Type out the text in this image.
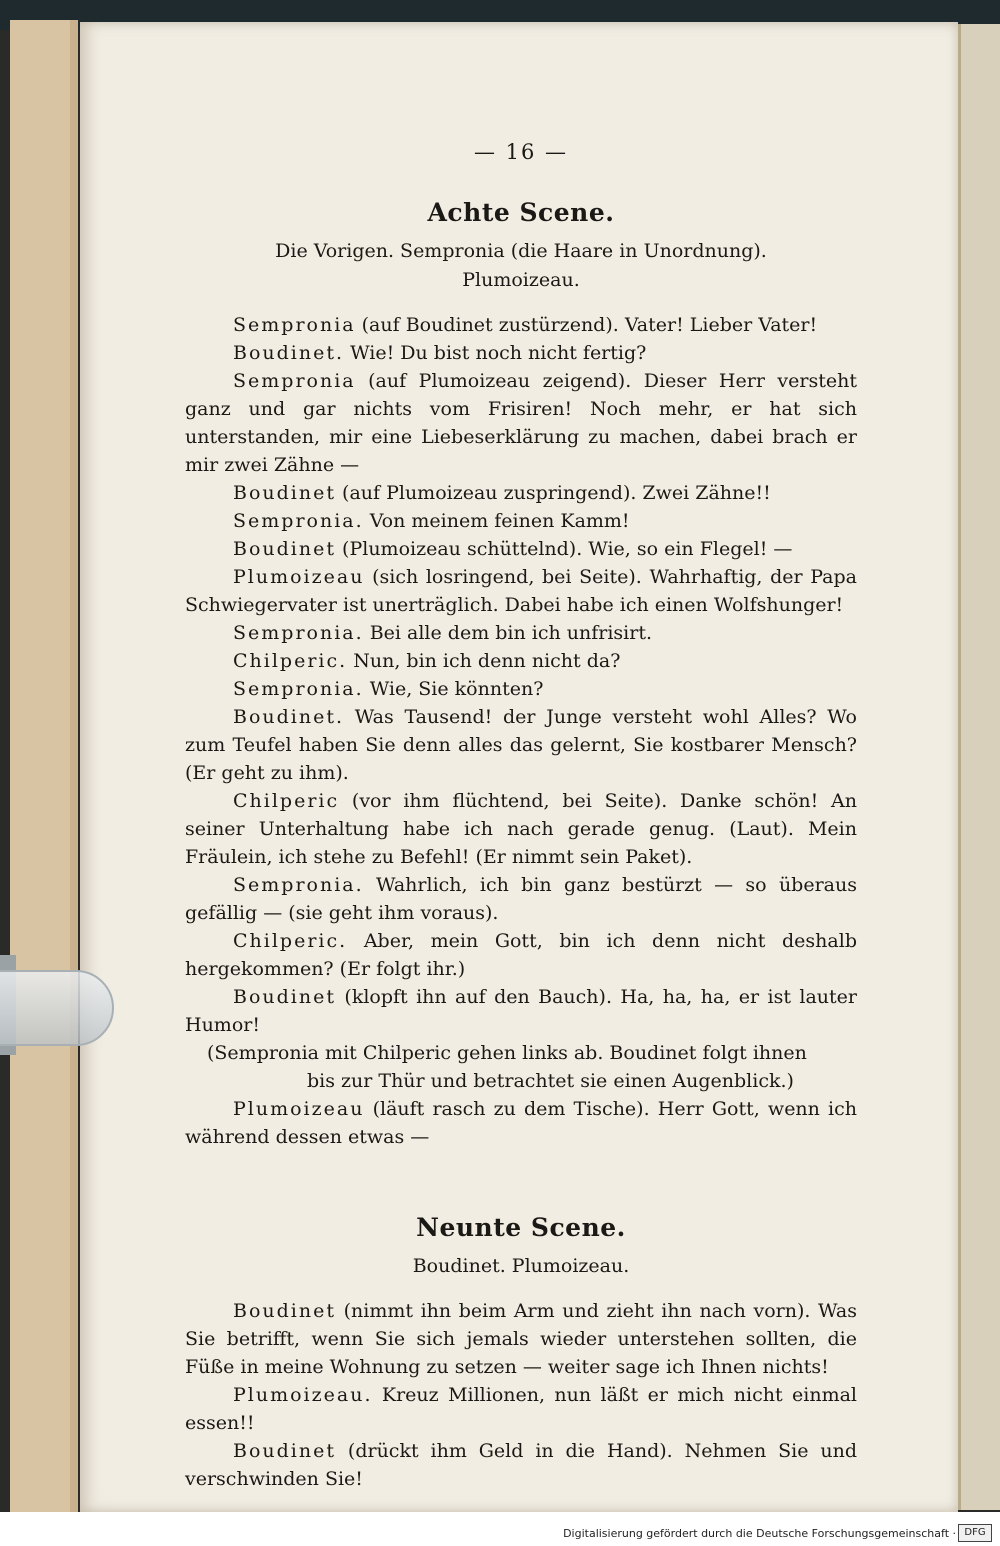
— 16 —
Achte Scene.
Die Vorigen. Sempronia (die Haare in Unordnung).
Plumoizeau.

Sempronia (auf Boudinet zustürzend). Vater! Lieber Vater!

Boudinet. Wie! Du bist noch nicht fertig?

Sempronia (auf Plumoizeau zeigend). Dieser Herr versteht ganz und gar nichts vom Frisiren! Noch mehr, er hat sich unterstanden, mir eine Liebeserklärung zu machen, dabei brach er mir zwei Zähne —

Boudinet (auf Plumoizeau zuspringend). Zwei Zähne!!

Sempronia. Von meinem feinen Kamm!

Boudinet (Plumoizeau schüttelnd). Wie, so ein Flegel! —

Plumoizeau (sich losringend, bei Seite). Wahrhaftig, der Papa Schwiegervater ist unerträglich. Dabei habe ich einen Wolfshunger!

Sempronia. Bei alle dem bin ich unfrisirt.

Chilperic. Nun, bin ich denn nicht da?

Sempronia. Wie, Sie könnten?

Boudinet. Was Tausend! der Junge versteht wohl Alles? Wo zum Teufel haben Sie denn alles das gelernt, Sie kostbarer Mensch? (Er geht zu ihm).

Chilperic (vor ihm flüchtend, bei Seite). Danke schön! An seiner Unterhaltung habe ich nach gerade genug. (Laut). Mein Fräulein, ich stehe zu Befehl! (Er nimmt sein Paket).

Sempronia. Wahrlich, ich bin ganz bestürzt — so überaus gefällig — (sie geht ihm voraus).

Chilperic. Aber, mein Gott, bin ich denn nicht deshalb hergekommen? (Er folgt ihr.)

Boudinet (klopft ihn auf den Bauch). Ha, ha, ha, er ist lauter Humor!

(Sempronia mit Chilperic gehen links ab. Boudinet folgt ihnen
bis zur Thür und betrachtet sie einen Augenblick.)

Plumoizeau (läuft rasch zu dem Tische). Herr Gott, wenn ich während dessen etwas —

Neunte Scene.
Boudinet. Plumoizeau.

Boudinet (nimmt ihn beim Arm und zieht ihn nach vorn). Was Sie betrifft, wenn Sie sich jemals wieder unterstehen sollten, die Füße in meine Wohnung zu setzen — weiter sage ich Ihnen nichts!

Plumoizeau. Kreuz Millionen, nun läßt er mich nicht einmal essen!!

Boudinet (drückt ihm Geld in die Hand). Nehmen Sie und verschwinden Sie!

Digitalisierung gefördert durch die Deutsche Forschungsgemeinschaft · DFG
